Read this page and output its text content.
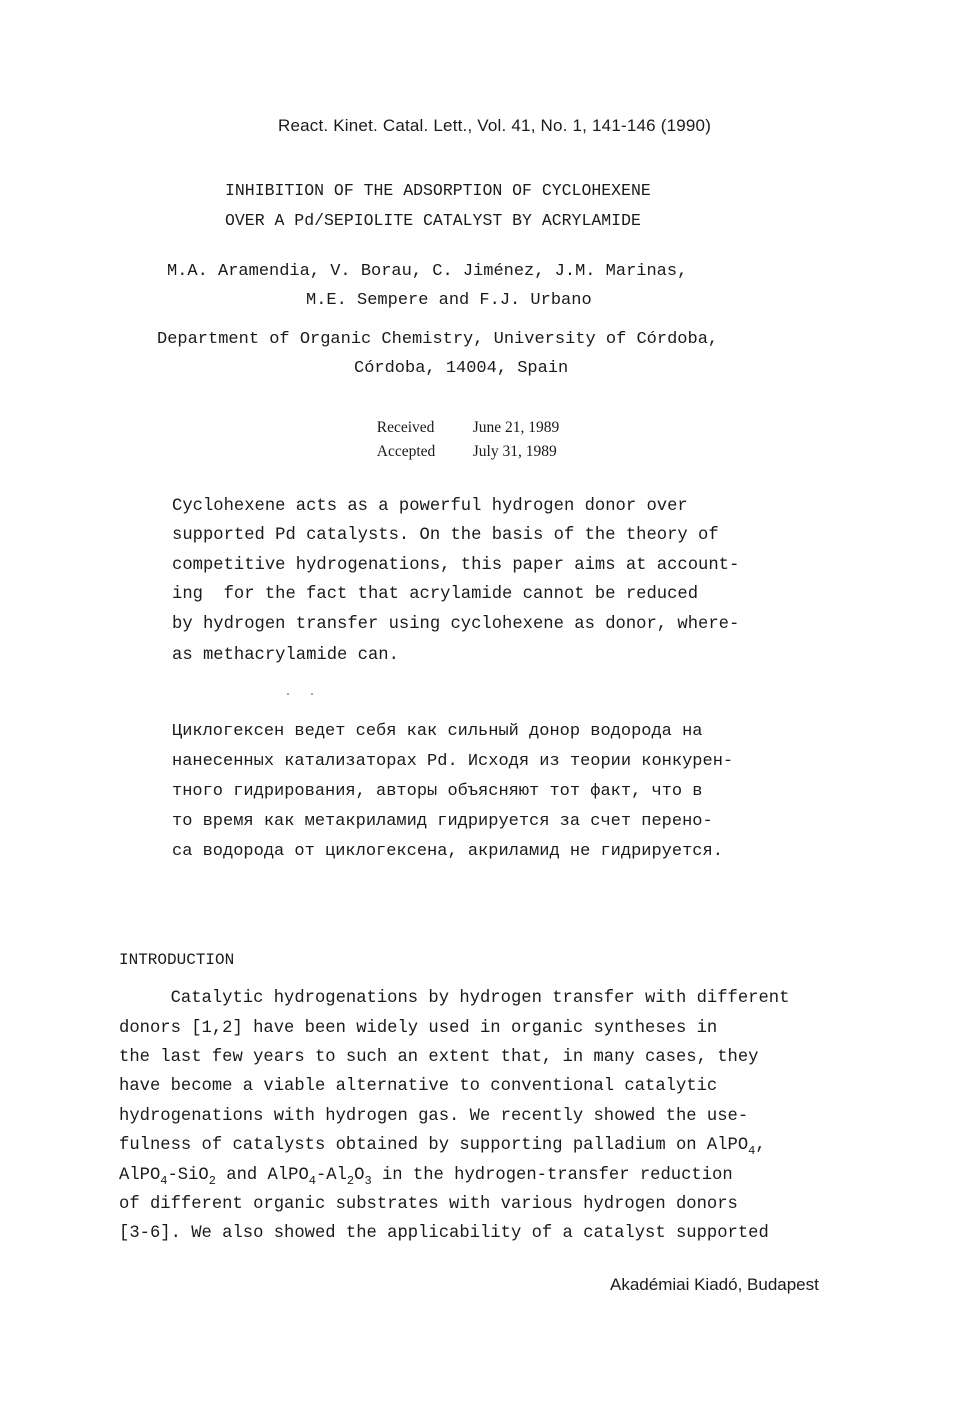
React. Kinet. Catal. Lett., Vol. 41, No. 1, 141-146 (1990)
INHIBITION OF THE ADSORPTION OF CYCLOHEXENE
OVER A Pd/SEPIOLITE CATALYST BY ACRYLAMIDE
M.A. Aramendia, V. Borau, C. Jiménez, J.M. Marinas,
M.E. Sempere and F.J. Urbano
Department of Organic Chemistry, University of Córdoba,
Córdoba, 14004, Spain

Received June 21, 1989

Accepted July 31, 1989

Cyclohexene acts as a powerful hydrogen donor over
supported Pd catalysts. On the basis of the theory of
competitive hydrogenations, this paper aims at account-
ing  for the fact that acrylamide cannot be reduced
by hydrogen transfer using cyclohexene as donor, where-
as methacrylamide can.
Циклогексен ведет себя как сильный донор водорода на
нанесенных катализаторах Pd. Исходя из теории конкурен-
тного гидрирования, авторы объясняют тот факт, что в
то время как метакриламид гидрируется за счет перено-
са водорода от циклогексена, акриламид не гидрируется.
INTRODUCTION
Catalytic hydrogenations by hydrogen transfer with different
donors [1,2] have been widely used in organic syntheses in
the last few years to such an extent that, in many cases, they
have become a viable alternative to conventional catalytic
hydrogenations with hydrogen gas. We recently showed the use-
fulness of catalysts obtained by supporting palladium on AlPO$_4$,
AlPO$_4$-SiO$_2$ and $AlPO_4-Al_2O_3$ in the hydrogen-transfer reduction
of different organic substrates with various hydrogen donors
[3-6]. We also showed the applicability of a catalyst supported
Akadémiai Kiadó, Budapest
